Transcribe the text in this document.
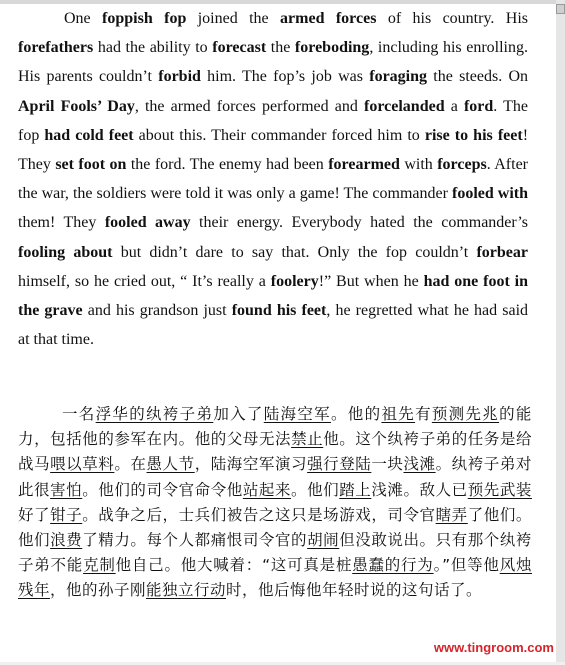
One foppish fop joined the armed forces of his country. His forefathers had the ability to forecast the foreboding, including his enrolling. His parents couldn’t forbid him. The fop’s job was foraging the steeds. On April Fools’ Day, the armed forces performed and forcelanded a ford. The fop had cold feet about this. Their commander forced him to rise to his feet! They set foot on the ford. The enemy had been forearmed with forceps. After the war, the soldiers were told it was only a game! The commander fooled with them! They fooled away their energy. Everybody hated the commander’s fooling about but didn’t dare to say that. Only the fop couldn’t forbear himself, so he cried out, “ It’s really a foolery!” But when he had one foot in the grave and his grandson just found his feet, he regretted what he had said at that time.

一名浮华的纨袴子弟加入了陆海空军。他的祖先有预测先兆的能力，包括他的参军在内。他的父母无法禁止他。这个纨袴子弟的任务是给战马喂以草料。在愚人节，陆海空军演习强行登陆一块浅滩。纨袴子弟对此很害怕。他们的司令官命令他站起来。他们踏上浅滩。敌人已预先武装好了钳子。战争之后，士兵们被告之这只是场游戏，司令官瞎弄了他们。他们浪费了精力。每个人都痛恨司令官的胡闹但没敢说出。只有那个纨袴子弟不能克制他自己。他大喊着：“这可真是桩愚蠢的行为。”但等他风烛残年，他的孙子刚能独立行动时，他后悔他年轻时说的这句话了。

www.tingroom.com
